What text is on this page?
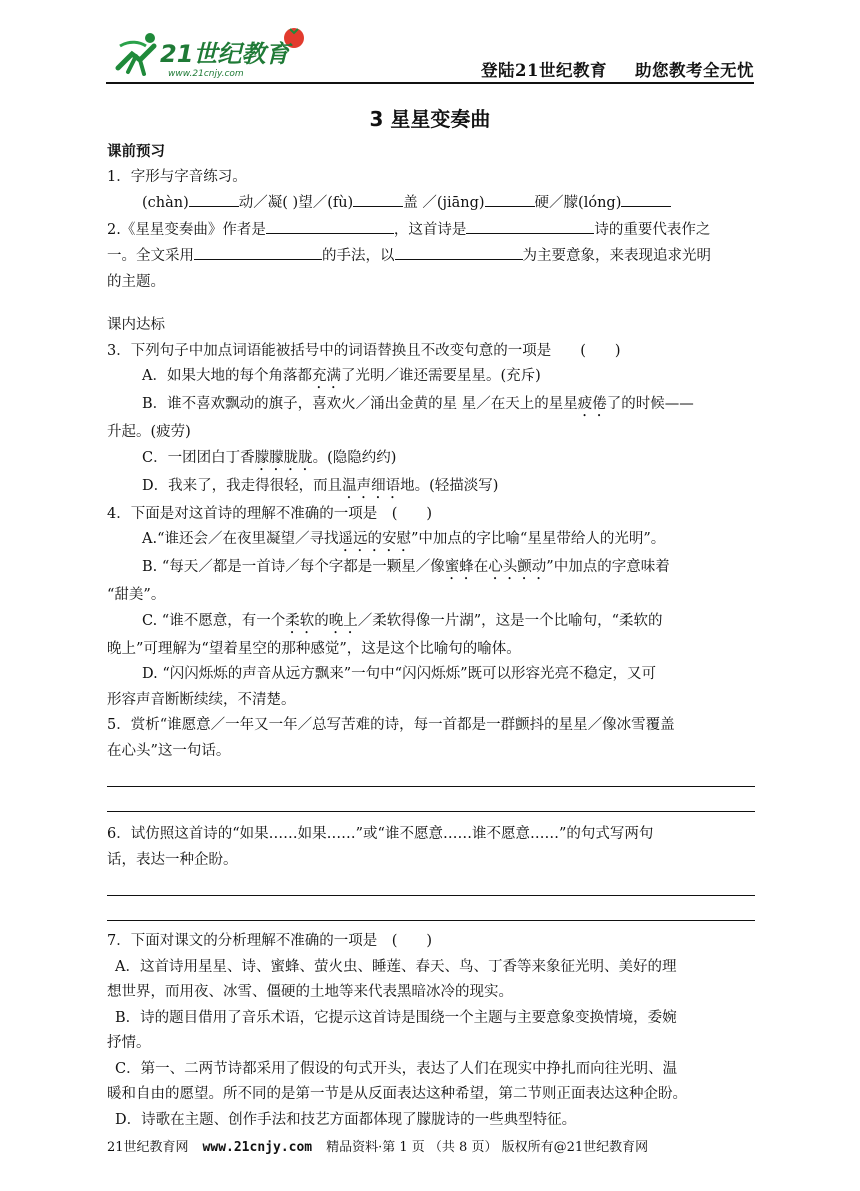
21世纪教育
www.21cnjy.com	登陆21世纪教育 助您教考全无忧
3 星星变奏曲

课前预习

1．字形与字音练习。

(chàn)	动／凝( )望／(fù)	盖 ／(jiāng)	硬／朦(lóng)

2.《星星变奏曲》作者是	，这首诗是	诗的重要代表作之

一。全文采用	的手法，以	为主要意象，来表现追求光明

的主题。

课内达标

3．下列句子中加点词语能被括号中的词语替换且不改变句意的一项是　　(　　)

A．如果大地的每个角落都充满了光明／谁还需要星星。(充斥)

B．谁不喜欢飘动的旗子，喜欢火／涌出金黄的星 星／在天上的星星疲倦了的时候——

升起。(疲劳)

C．一团团白丁香朦朦胧胧。(隐隐约约)

D．我来了，我走得很轻，而且温声细语地。(轻描淡写)

4．下面是对这首诗的理解不准确的一项是　(　　)

A.“谁还会／在夜里凝望／寻找遥远的安慰”中加点的字比喻“星星带给人的光明”。

B. “每天／都是一首诗／每个字都是一颗星／像蜜蜂在心头颤动”中加点的字意味着

“甜美”。

C. “谁不愿意，有一个柔软的晚上／柔软得像一片湖”，这是一个比喻句，“柔软的

晚上”可理解为“望着星空的那种感觉”，这是这个比喻句的喻体。

D. “闪闪烁烁的声音从远方飘来”一句中“闪闪烁烁”既可以形容光亮不稳定，又可

形容声音断断续续，不清楚。

5．赏析“谁愿意／一年又一年／总写苦难的诗，每一首都是一群颤抖的星星／像冰雪覆盖

在心头”这一句话。

6．试仿照这首诗的“如果……如果……”或“谁不愿意……谁不愿意……”的句式写两句

话，表达一种企盼。

7．下面对课文的分析理解不准确的一项是　(　　)

A．这首诗用星星、诗、蜜蜂、萤火虫、睡莲、春天、鸟、丁香等来象征光明、美好的理

想世界，而用夜、冰雪、僵硬的土地等来代表黑暗冰冷的现实。

B．诗的题目借用了音乐术语，它提示这首诗是围绕一个主题与主要意象变换情境，委婉

抒情。

C．第一、二两节诗都采用了假设的句式开头，表达了人们在现实中挣扎而向往光明、温

暖和自由的愿望。所不同的是第一节是从反面表达这种希望，第二节则正面表达这种企盼。

D．诗歌在主题、创作手法和技艺方面都体现了朦胧诗的一些典型特征。

21世纪教育网 www.21cnjy.com 精品资料·第 1 页 （共 8 页） 版权所有@21世纪教育网
